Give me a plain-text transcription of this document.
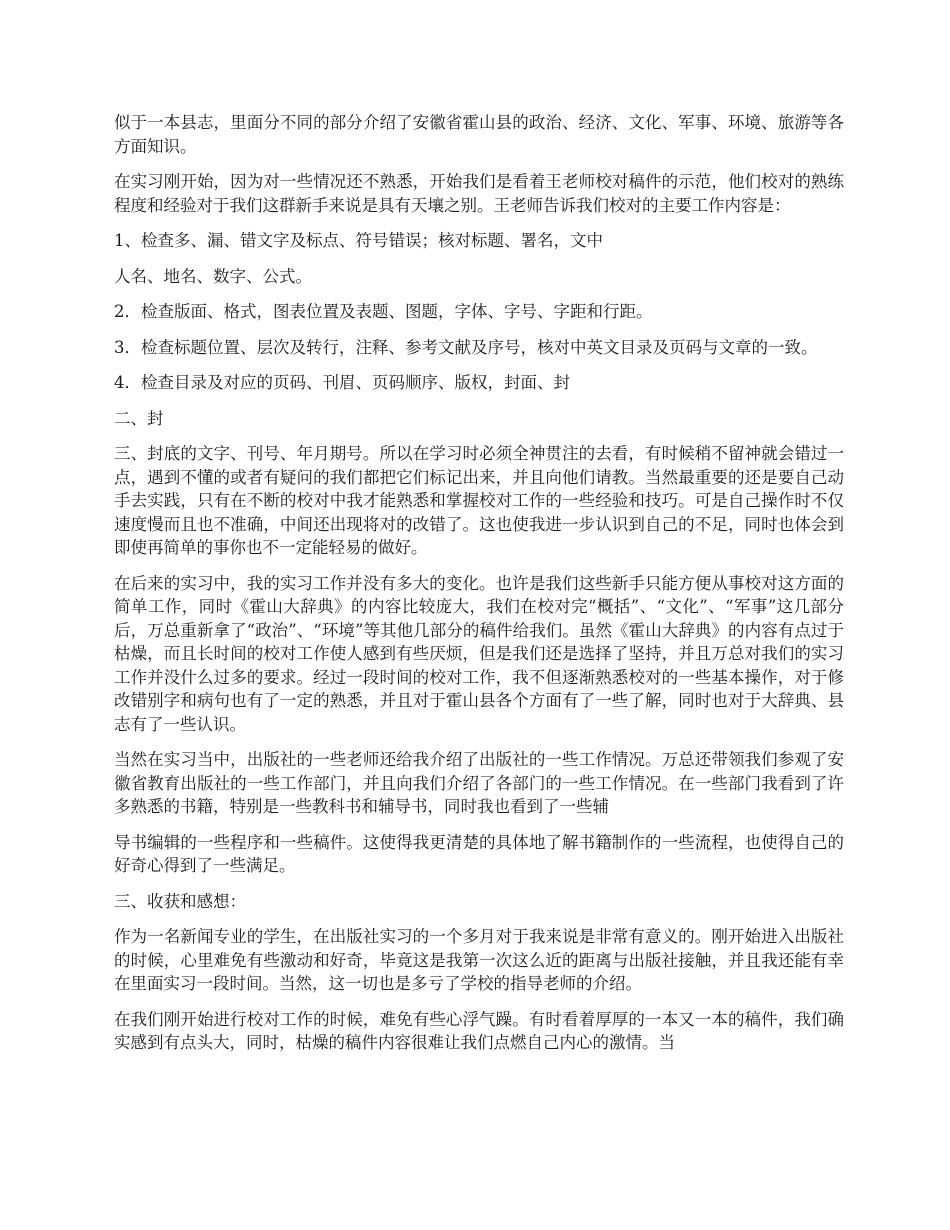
似于一本县志，里面分不同的部分介绍了安徽省霍山县的政治、经济、文化、军事、环境、旅游等各方面知识。

在实习刚开始，因为对一些情况还不熟悉，开始我们是看着王老师校对稿件的示范，他们校对的熟练程度和经验对于我们这群新手来说是具有天壤之别。王老师告诉我们校对的主要工作内容是：

1、检查多、漏、错文字及标点、符号错误；核对标题、署名，文中

人名、地名、数字、公式。

2．检查版面、格式，图表位置及表题、图题，字体、字号、字距和行距。

3．检查标题位置、层次及转行，注释、参考文献及序号，核对中英文目录及页码与文章的一致。

4．检查目录及对应的页码、刊眉、页码顺序、版权，封面、封

二、封

三、封底的文字、刊号、年月期号。所以在学习时必须全神贯注的去看，有时候稍不留神就会错过一点，遇到不懂的或者有疑问的我们都把它们标记出来，并且向他们请教。当然最重要的还是要自己动手去实践，只有在不断的校对中我才能熟悉和掌握校对工作的一些经验和技巧。可是自己操作时不仅速度慢而且也不准确，中间还出现将对的改错了。这也使我进一步认识到自己的不足，同时也体会到即使再简单的事你也不一定能轻易的做好。

在后来的实习中，我的实习工作并没有多大的变化。也许是我们这些新手只能方便从事校对这方面的简单工作，同时《霍山大辞典》的内容比较庞大，我们在校对完“概括”、“文化”、“军事”这几部分后，万总重新拿了“政治”、“环境”等其他几部分的稿件给我们。虽然《霍山大辞典》的内容有点过于枯燥，而且长时间的校对工作使人感到有些厌烦，但是我们还是选择了坚持，并且万总对我们的实习工作并没什么过多的要求。经过一段时间的校对工作，我不但逐渐熟悉校对的一些基本操作，对于修改错别字和病句也有了一定的熟悉，并且对于霍山县各个方面有了一些了解，同时也对于大辞典、县志有了一些认识。

当然在实习当中，出版社的一些老师还给我介绍了出版社的一些工作情况。万总还带领我们参观了安徽省教育出版社的一些工作部门，并且向我们介绍了各部门的一些工作情况。在一些部门我看到了许多熟悉的书籍，特别是一些教科书和辅导书，同时我也看到了一些辅

导书编辑的一些程序和一些稿件。这使得我更清楚的具体地了解书籍制作的一些流程，也使得自己的好奇心得到了一些满足。

三、收获和感想：

作为一名新闻专业的学生，在出版社实习的一个多月对于我来说是非常有意义的。刚开始进入出版社的时候，心里难免有些激动和好奇，毕竟这是我第一次这么近的距离与出版社接触，并且我还能有幸在里面实习一段时间。当然，这一切也是多亏了学校的指导老师的介绍。

在我们刚开始进行校对工作的时候，难免有些心浮气躁。有时看着厚厚的一本又一本的稿件，我们确实感到有点头大，同时，枯燥的稿件内容很难让我们点燃自己内心的激情。当
